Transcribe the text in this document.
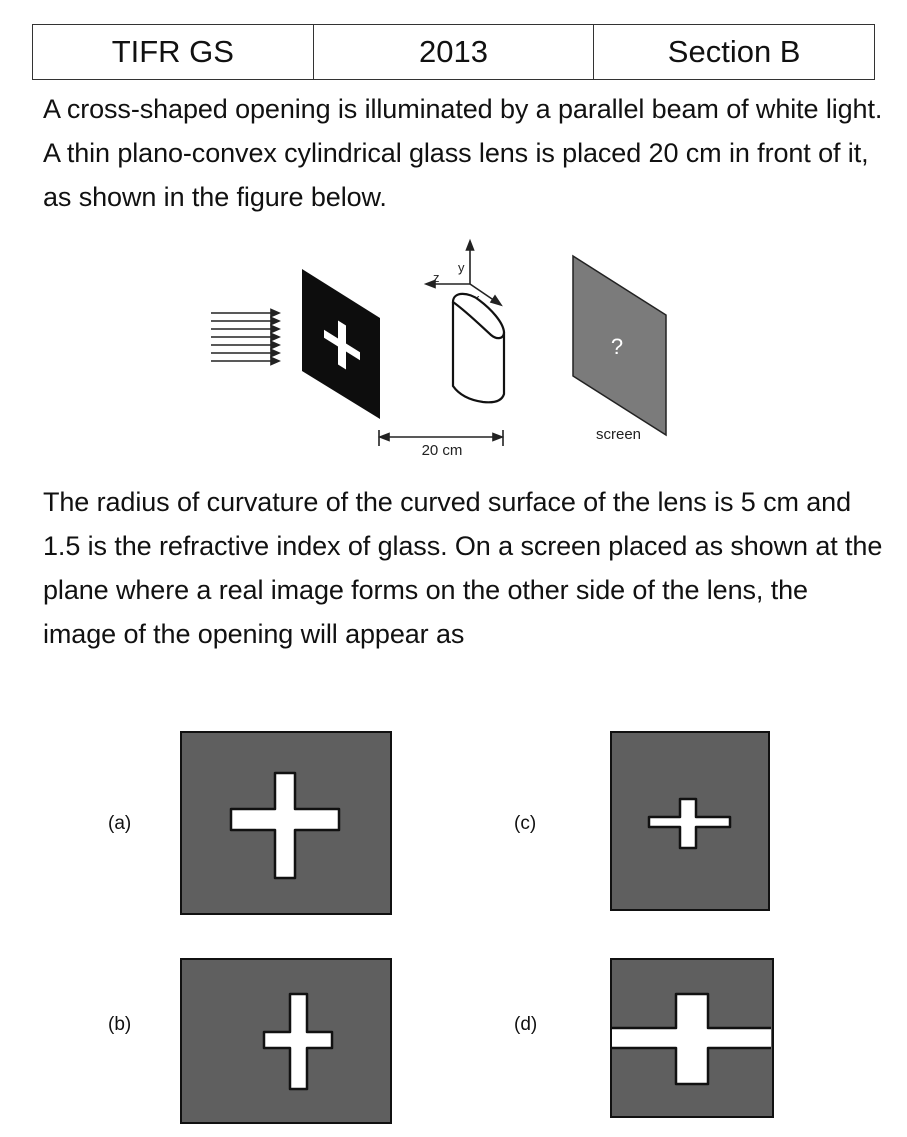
TIFR GS	2013	Section B

A cross-shaped opening is illuminated by a parallel beam of white light. A thin plano-convex cylindrical glass lens is placed 20 cm in front of it, as shown in the figure below.

y
z
?
screen
20 cm

The radius of curvature of the curved surface of the lens is 5 cm and 1.5 is the refractive index of glass. On a screen placed as shown at the plane where a real image forms on the other side of the lens, the image of the opening will appear as

(a)
(b)
(c)
(d)
